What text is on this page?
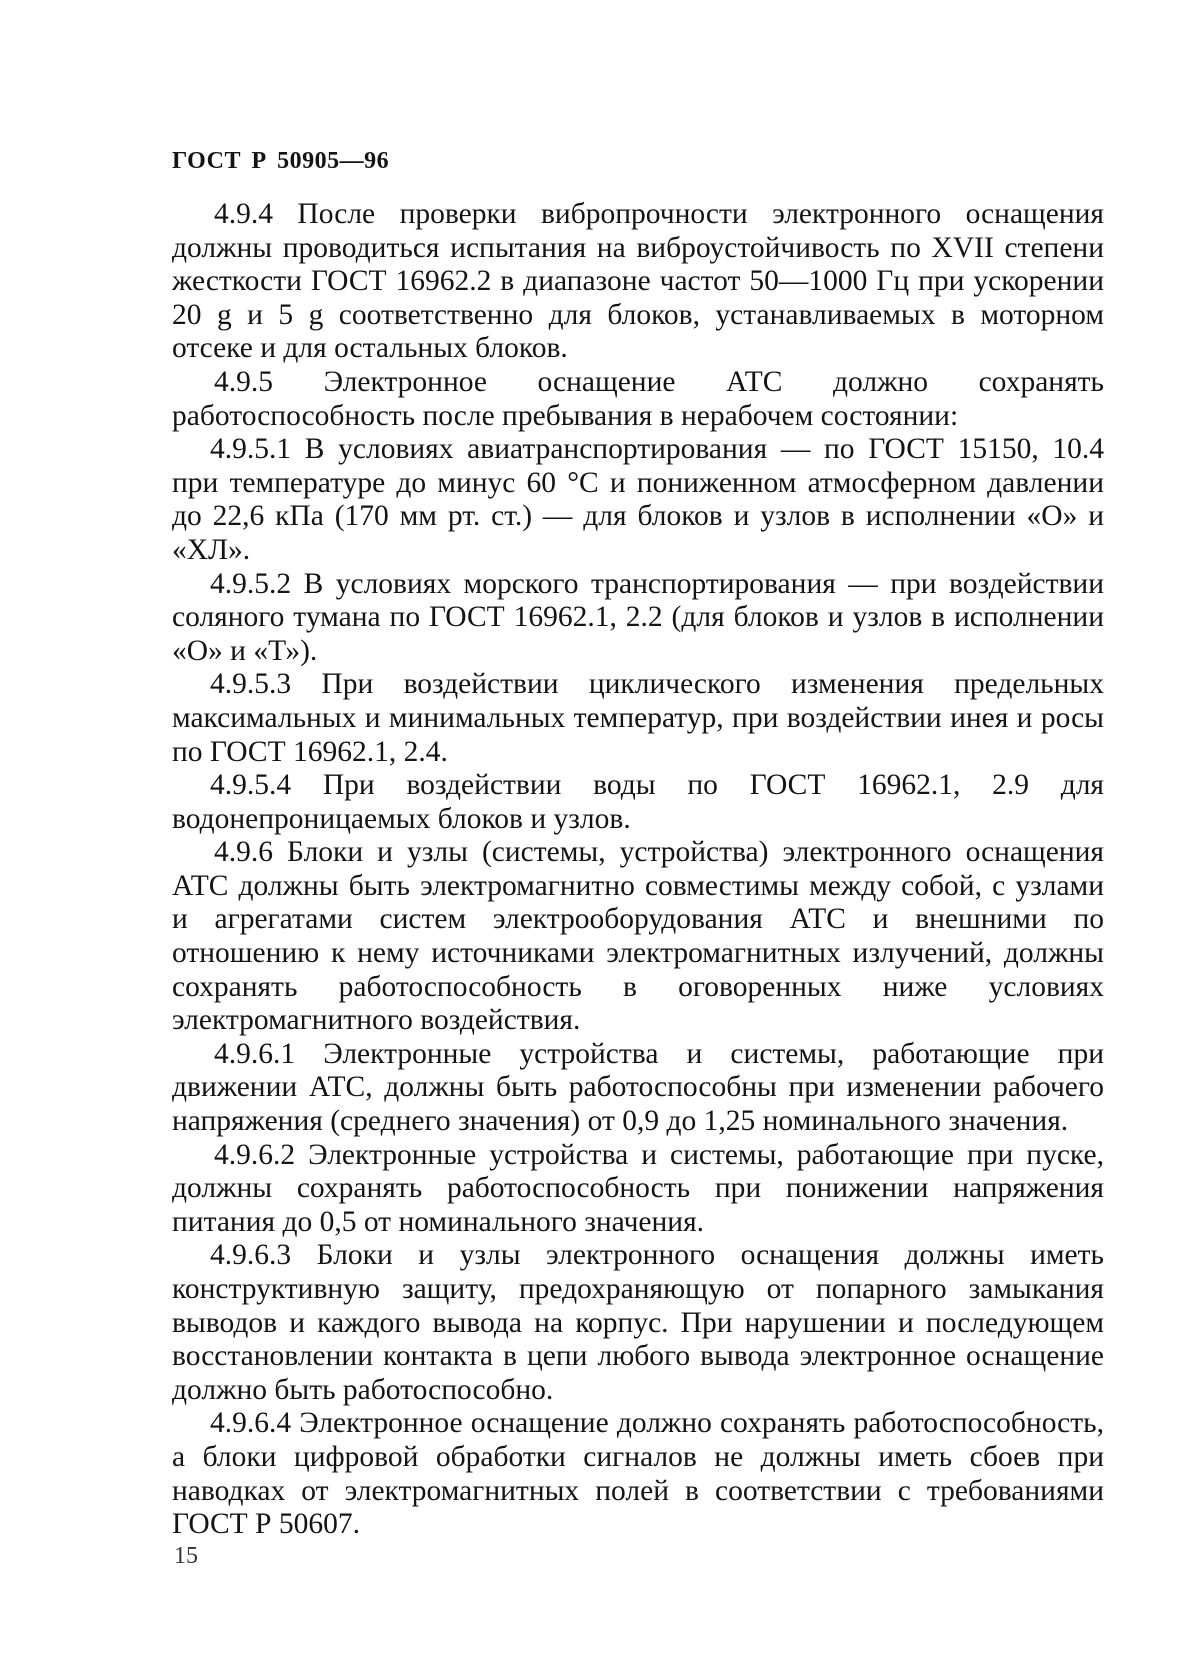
ГОСТ Р 50905—96

4.9.4 После проверки вибропрочности электронного оснащения должны проводиться испытания на виброустойчивость по XVII степени жесткости ГОСТ 16962.2 в диапазоне частот 50—1000 Гц при ускорении 20 g и 5 g соответственно для блоков, устанавливаемых в моторном отсеке и для остальных блоков.

4.9.5 Электронное оснащение АТС должно сохранять работоспособность после пребывания в нерабочем состоянии:

4.9.5.1 В условиях авиатранспортирования — по ГОСТ 15150, 10.4 при температуре до минус 60 °С и пониженном атмосферном давлении до 22,6 кПа (170 мм рт. ст.) — для блоков и узлов в исполнении «О» и «ХЛ».

4.9.5.2 В условиях морского транспортирования — при воздействии соляного тумана по ГОСТ 16962.1, 2.2 (для блоков и узлов в исполнении «О» и «Т»).

4.9.5.3 При воздействии циклического изменения предельных максимальных и минимальных температур, при воздействии инея и росы по ГОСТ 16962.1, 2.4.

4.9.5.4 При воздействии воды по ГОСТ 16962.1, 2.9 для водонепроницаемых блоков и узлов.

4.9.6 Блоки и узлы (системы, устройства) электронного оснащения АТС должны быть электромагнитно совместимы между собой, с узлами и агрегатами систем электрооборудования АТС и внешними по отношению к нему источниками электромагнитных излучений, должны сохранять работоспособность в оговоренных ниже условиях электромагнитного воздействия.

4.9.6.1 Электронные устройства и системы, работающие при движении АТС, должны быть работоспособны при изменении рабочего напряжения (среднего значения) от 0,9 до 1,25 номинального значения.

4.9.6.2 Электронные устройства и системы, работающие при пуске, должны сохранять работоспособность при понижении напряжения питания до 0,5 от номинального значения.

4.9.6.3 Блоки и узлы электронного оснащения должны иметь конструктивную защиту, предохраняющую от попарного замыкания выводов и каждого вывода на корпус. При нарушении и последующем восстановлении контакта в цепи любого вывода электронное оснащение должно быть работоспособно.

4.9.6.4 Электронное оснащение должно сохранять работоспособность, а блоки цифровой обработки сигналов не должны иметь сбоев при наводках от электромагнитных полей в соответствии с требованиями ГОСТ Р 50607.

15
